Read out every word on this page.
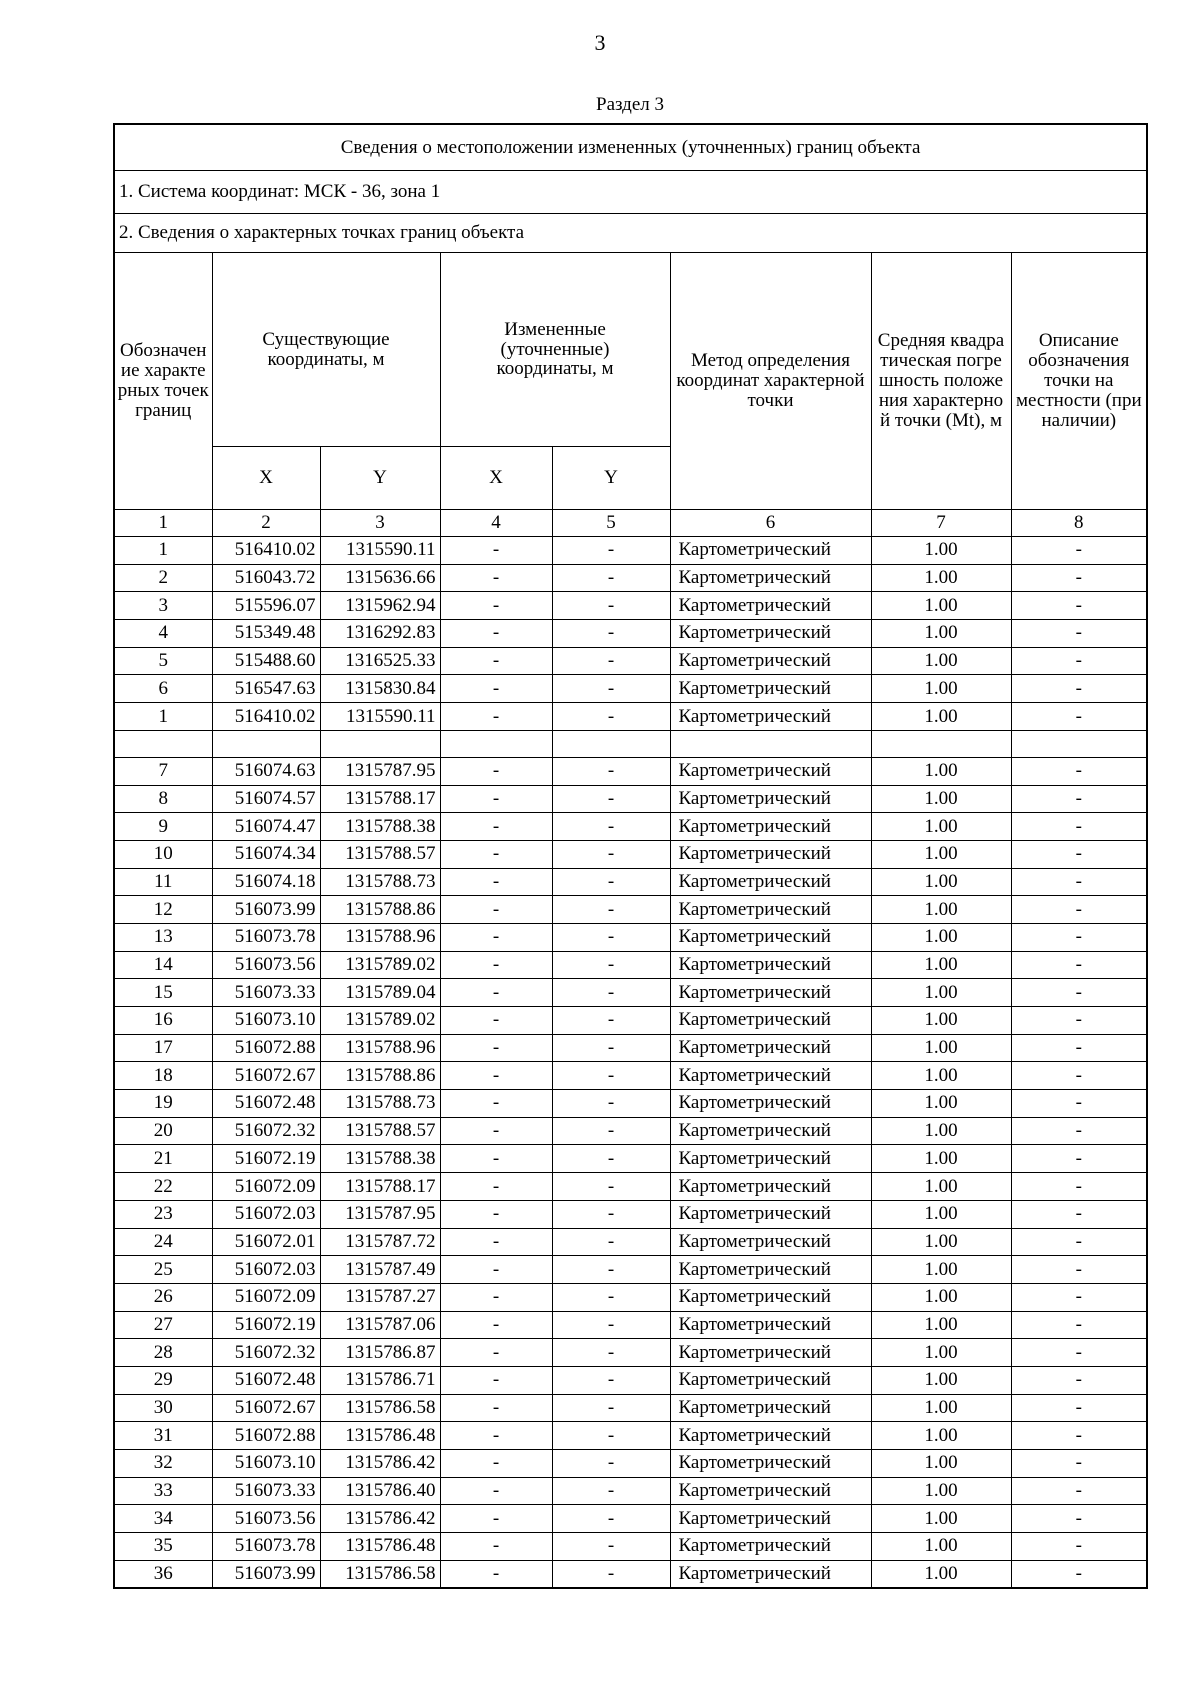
3
Раздел 3
Сведения о местоположении измененных (уточненных) границ объекта							
1. Система координат: МСК - 36, зона 1							
2. Сведения о характерных точках границ объекта							

Обозначение характерных точек границ	Существующие координаты, м		Измененные (уточненные) координаты, м		Метод определения координат характерной точки	Средняя квадратическая погрешность положения характерной точки (Mt), м	Описание обозначения точки на местности (при наличии)

	X	Y	X	Y			
1	2	3	4	5	6	7	8
1	516410.02	1315590.11	-	-	Картометрический	1.00	-
2	516043.72	1315636.66	-	-	Картометрический	1.00	-
3	515596.07	1315962.94	-	-	Картометрический	1.00	-
4	515349.48	1316292.83	-	-	Картометрический	1.00	-
5	515488.60	1316525.33	-	-	Картометрический	1.00	-
6	516547.63	1315830.84	-	-	Картометрический	1.00	-
1	516410.02	1315590.11	-	-	Картометрический	1.00	-

7	516074.63	1315787.95	-	-	Картометрический	1.00	-
8	516074.57	1315788.17	-	-	Картометрический	1.00	-
9	516074.47	1315788.38	-	-	Картометрический	1.00	-
10	516074.34	1315788.57	-	-	Картометрический	1.00	-
11	516074.18	1315788.73	-	-	Картометрический	1.00	-
12	516073.99	1315788.86	-	-	Картометрический	1.00	-
13	516073.78	1315788.96	-	-	Картометрический	1.00	-
14	516073.56	1315789.02	-	-	Картометрический	1.00	-
15	516073.33	1315789.04	-	-	Картометрический	1.00	-
16	516073.10	1315789.02	-	-	Картометрический	1.00	-
17	516072.88	1315788.96	-	-	Картометрический	1.00	-
18	516072.67	1315788.86	-	-	Картометрический	1.00	-
19	516072.48	1315788.73	-	-	Картометрический	1.00	-
20	516072.32	1315788.57	-	-	Картометрический	1.00	-
21	516072.19	1315788.38	-	-	Картометрический	1.00	-
22	516072.09	1315788.17	-	-	Картометрический	1.00	-
23	516072.03	1315787.95	-	-	Картометрический	1.00	-
24	516072.01	1315787.72	-	-	Картометрический	1.00	-
25	516072.03	1315787.49	-	-	Картометрический	1.00	-
26	516072.09	1315787.27	-	-	Картометрический	1.00	-
27	516072.19	1315787.06	-	-	Картометрический	1.00	-
28	516072.32	1315786.87	-	-	Картометрический	1.00	-
29	516072.48	1315786.71	-	-	Картометрический	1.00	-
30	516072.67	1315786.58	-	-	Картометрический	1.00	-
31	516072.88	1315786.48	-	-	Картометрический	1.00	-
32	516073.10	1315786.42	-	-	Картометрический	1.00	-
33	516073.33	1315786.40	-	-	Картометрический	1.00	-
34	516073.56	1315786.42	-	-	Картометрический	1.00	-
35	516073.78	1315786.48	-	-	Картометрический	1.00	-
36	516073.99	1315786.58	-	-	Картометрический	1.00	-
